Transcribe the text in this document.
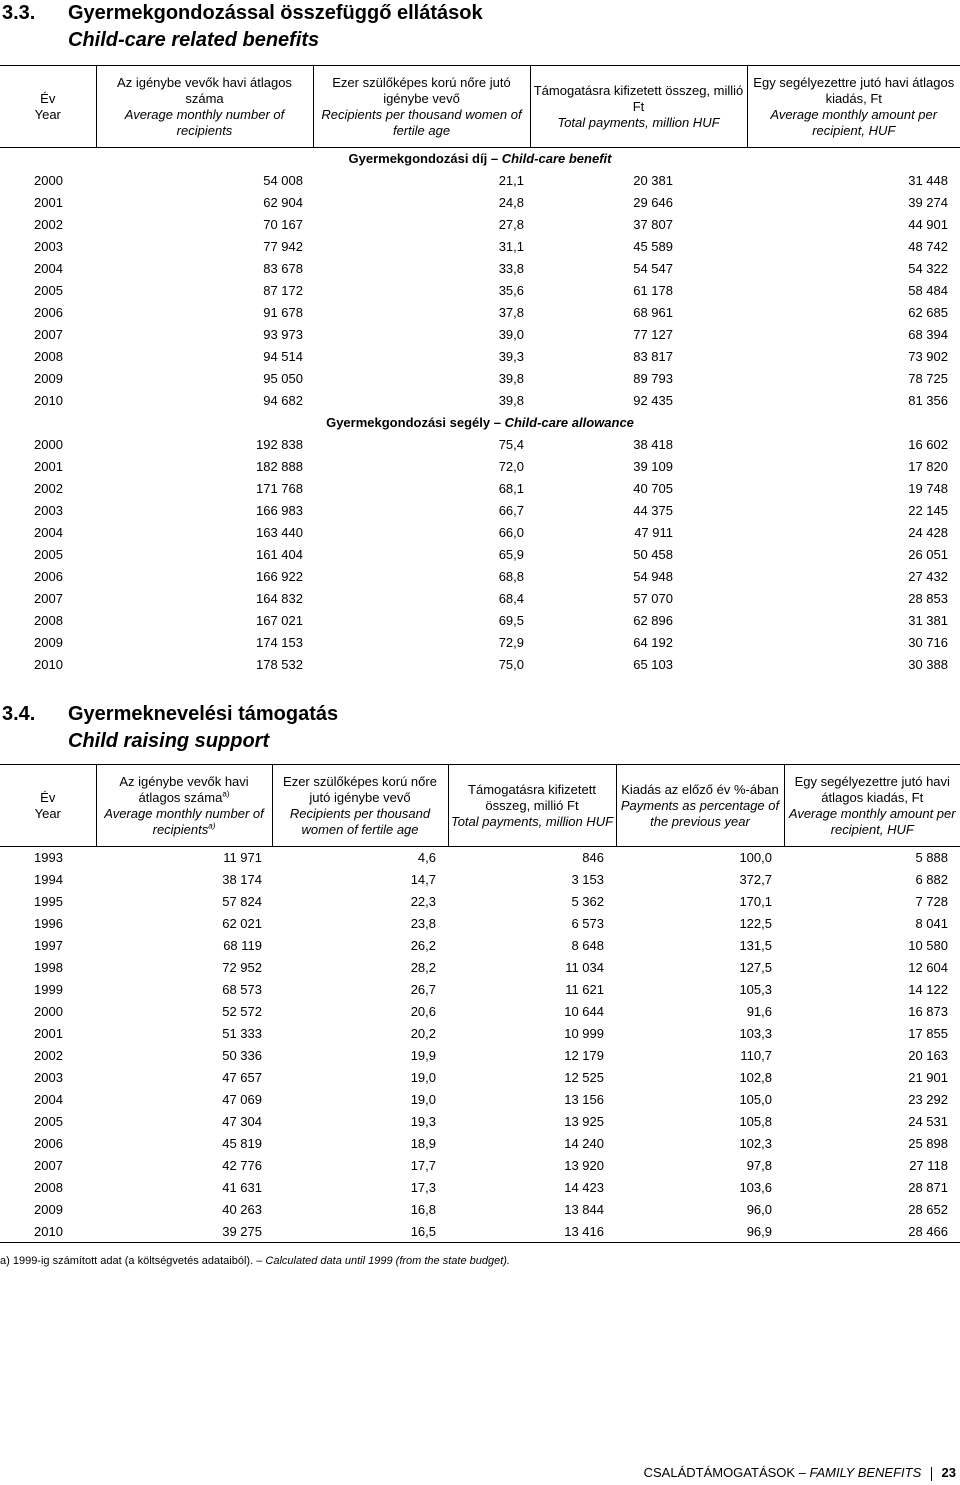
3.3. Gyermekgondozással összefüggő ellátások
Child-care related benefits
Év
Year	Az igénybe vevők havi átlagos száma
Average monthly number of recipients	Ezer szülőképes korú nőre jutó igénybe vevő
Recipients per thousand women of fertile age	Támogatásra kifizetett összeg, millió Ft
Total payments, million HUF	Egy segélyezettre jutó havi átlagos kiadás, Ft
Average monthly amount per recipient, HUF

Gyermekgondozási díj – Child-care benefit				
2000	54 008	21,1	20 381	31 448
2001	62 904	24,8	29 646	39 274
2002	70 167	27,8	37 807	44 901
2003	77 942	31,1	45 589	48 742
2004	83 678	33,8	54 547	54 322
2005	87 172	35,6	61 178	58 484
2006	91 678	37,8	68 961	62 685
2007	93 973	39,0	77 127	68 394
2008	94 514	39,3	83 817	73 902
2009	95 050	39,8	89 793	78 725
2010	94 682	39,8	92 435	81 356
Gyermekgondozási segély – Child-care allowance				
2000	192 838	75,4	38 418	16 602
2001	182 888	72,0	39 109	17 820
2002	171 768	68,1	40 705	19 748
2003	166 983	66,7	44 375	22 145
2004	163 440	66,0	47 911	24 428
2005	161 404	65,9	50 458	26 051
2006	166 922	68,8	54 948	27 432
2007	164 832	68,4	57 070	28 853
2008	167 021	69,5	62 896	31 381
2009	174 153	72,9	64 192	30 716
2010	178 532	75,0	65 103	30 388
3.4. Gyermeknevelési támogatás
Child raising support
Év
Year	Az igénybe vevők havi átlagos száma$^{a)}$
Average monthly number of recipients$^{a)}$	Ezer szülőképes korú nőre jutó igénybe vevő
Recipients per thousand women of fertile age	Támogatásra kifizetett összeg, millió Ft
Total payments, million HUF	Kiadás az előző év %-ában
Payments as percentage of the previous year	Egy segélyezettre jutó havi átlagos kiadás, Ft
Average monthly amount per recipient, HUF

1993	11 971	4,6	846	100,0	5 888
1994	38 174	14,7	3 153	372,7	6 882
1995	57 824	22,3	5 362	170,1	7 728
1996	62 021	23,8	6 573	122,5	8 041
1997	68 119	26,2	8 648	131,5	10 580
1998	72 952	28,2	11 034	127,5	12 604
1999	68 573	26,7	11 621	105,3	14 122
2000	52 572	20,6	10 644	91,6	16 873
2001	51 333	20,2	10 999	103,3	17 855
2002	50 336	19,9	12 179	110,7	20 163
2003	47 657	19,0	12 525	102,8	21 901
2004	47 069	19,0	13 156	105,0	23 292
2005	47 304	19,3	13 925	105,8	24 531
2006	45 819	18,9	14 240	102,3	25 898
2007	42 776	17,7	13 920	97,8	27 118
2008	41 631	17,3	14 423	103,6	28 871
2009	40 263	16,8	13 844	96,0	28 652
2010	39 275	16,5	13 416	96,9	28 466
a) 1999-ig számított adat (a költségvetés adataiból). – Calculated data until 1999 (from the state budget).
CSALÁDTÁMOGATÁSOK – FAMILY BENEFITS 23
